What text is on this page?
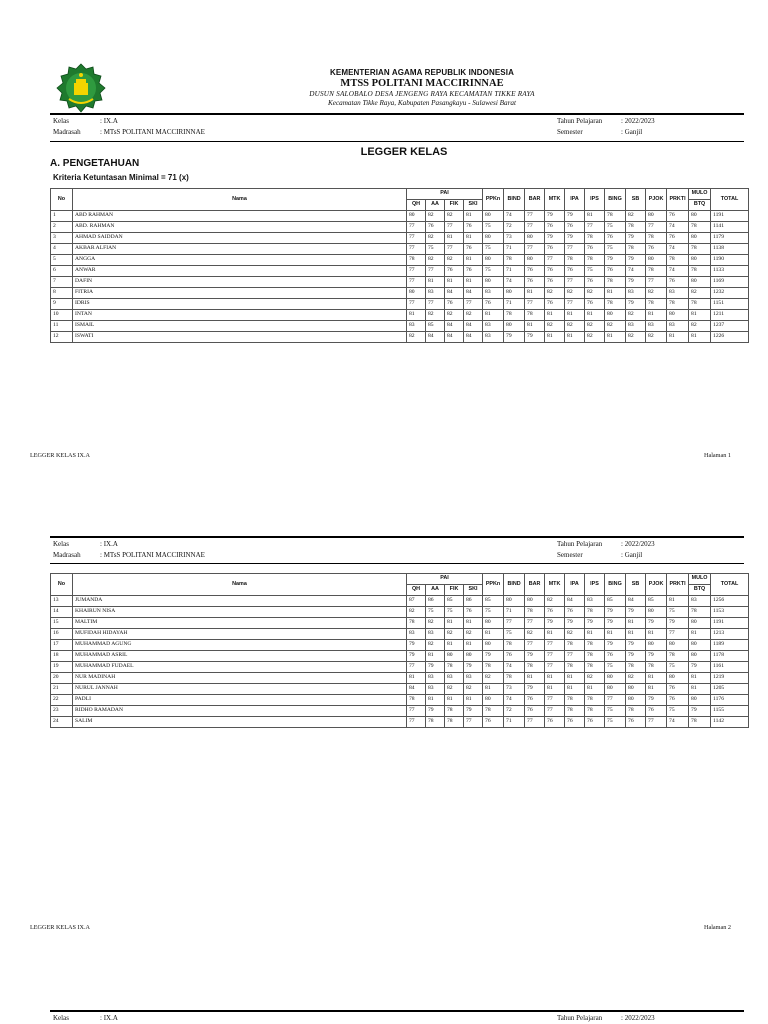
KEMENTERIAN AGAMA REPUBLIK INDONESIA
MTSS POLITANI MACCIRINNAE
DUSUN SALOBALO DESA JENGENG RAYA KECAMATAN TIKKE RAYA
Kecamatan Tikke Raya, Kabupaten Pasangkayu - Sulawesi Barat
Kelas	: IX.A
Madrasah	: MTsS POLITANI MACCIRINNAE
Tahun Pelajaran	: 2022/2023
Semester	: Ganjil
LEGGER KELAS
A. PENGETAHUAN
Kriteria Ketuntasan Minimal = 71 (x)
No	Nama	PAI				PPKn	BIND	BAR	MTK	IPA	IPS	BING	SB	PJOK	PRKTI	MULO	TOTAL
		QH	AA	FIK	SKI											BTQ	
1	ABD RAHMAN	80	82	82	81	80	74	77	79	79	81	78	82	80	76	80	1191
2	ABD. RAHMAN	77	76	77	76	75	72	77	76	76	77	75	78	77	74	78	1141
3	AHMAD SAIDDAN	77	82	81	81	80	73	80	79	79	78	76	79	78	76	80	1179
4	AKBAR ALFIAN	77	75	77	76	75	71	77	76	77	76	75	78	76	74	78	1138
5	ANGGA	78	82	82	81	80	78	80	77	78	78	79	79	80	78	80	1190
6	ANWAR	77	77	76	76	75	71	76	76	76	75	76	74	78	74	78	1133
7	DAFIN	77	81	81	81	80	74	76	76	77	76	78	79	77	76	80	1169
8	FITRIA	80	83	84	84	83	80	81	82	82	82	81	83	82	83	82	1232
9	IDRIS	77	77	76	77	76	71	77	76	77	76	78	79	78	78	78	1151
10	INTAN	81	82	82	82	81	78	78	81	81	81	80	82	81	80	81	1211
11	ISMAIL	83	85	84	84	83	80	81	82	82	82	82	83	83	83	82	1237
12	ISWATI	82	84	84	84	83	79	79	81	81	82	81	82	82	81	81	1226
LEGGER KELAS IX.A	Halaman 1
Kelas	: IX.A
Madrasah	: MTsS POLITANI MACCIRINNAE
Tahun Pelajaran	: 2022/2023
Semester	: Ganjil
No	Nama	PAI				PPKn	BIND	BAR	MTK	IPA	IPS	BING	SB	PJOK	PRKTI	MULO	TOTAL
		QH	AA	FIK	SKI											BTQ	
13	JUMANDA	87	86	85	86	85	80	80	82	84	83	85	84	85	81	83	1256
14	KHAIRUN NISA	82	75	75	76	75	71	78	76	76	78	79	79	80	75	78	1153
15	MALTIM	78	82	81	81	80	77	77	79	79	79	79	81	79	79	80	1191
16	MUFIDAH HIDAYAH	83	83	82	82	81	75	82	81	82	81	81	81	81	77	81	1213
17	MUHAMMAD AGUNG	79	82	81	81	80	78	77	77	78	78	79	79	80	80	80	1189
18	MUHAMMAD ASRIL	79	81	80	80	79	76	79	77	77	78	76	79	79	78	80	1178
19	MUHAMMAD FUDAEL	77	79	78	79	78	74	78	77	78	78	75	78	78	75	79	1161
20	NUR MADINAH	81	83	83	83	82	78	81	81	81	82	80	82	81	80	81	1219
21	NURUL JANNAH	84	83	82	82	81	73	79	81	81	81	80	80	81	76	81	1205
22	PADLI	78	81	81	81	80	74	76	77	78	78	77	80	79	76	80	1176
23	RIDHO RAMADAN	77	79	78	79	78	72	76	77	78	78	75	78	76	75	79	1155
24	SALIM	77	78	78	77	76	71	77	76	76	76	75	76	77	74	78	1142
LEGGER KELAS IX.A	Halaman 2
Kelas	: IX.A	Tahun Pelajaran	: 2022/2023
